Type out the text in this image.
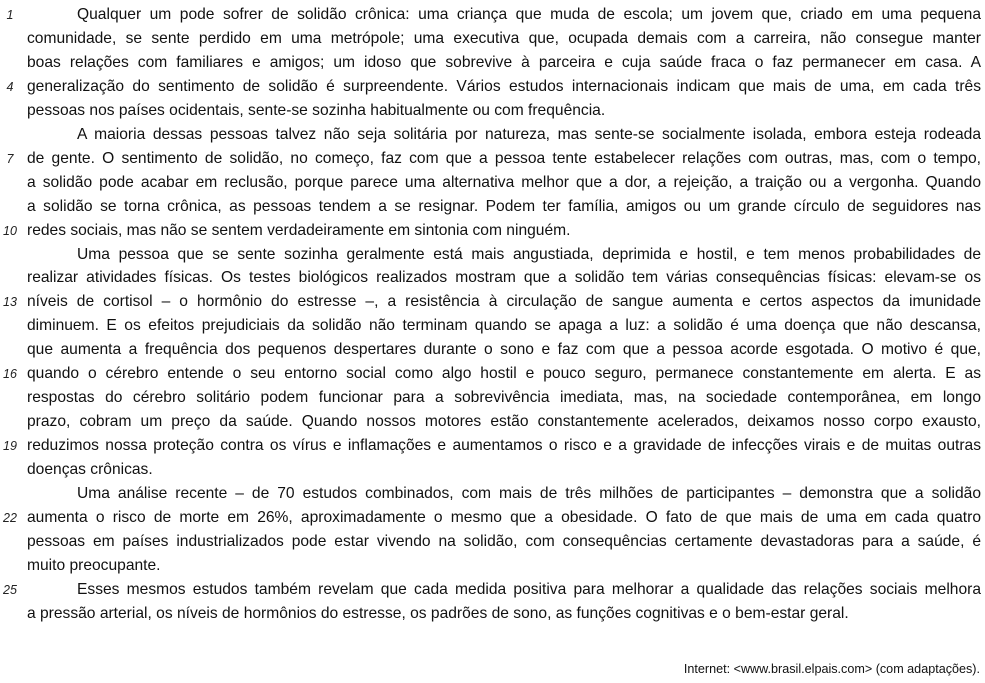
1	Qualquer um pode sofrer de solidão crônica: uma criança que muda de escola; um jovem que, criado em uma pequena
comunidade, se sente perdido em uma metrópole; uma executiva que, ocupada demais com a carreira, não consegue manter
boas relações com familiares e amigos; um idoso que sobrevive à parceira e cuja saúde fraca o faz permanecer em casa. A
4 generalização do sentimento de solidão é surpreendente. Vários estudos internacionais indicam que mais de uma, em cada três
pessoas nos países ocidentais, sente-se sozinha habitualmente ou com frequência.
A maioria dessas pessoas talvez não seja solitária por natureza, mas sente-se socialmente isolada, embora esteja rodeada
7 de gente. O sentimento de solidão, no começo, faz com que a pessoa tente estabelecer relações com outras, mas, com o tempo,
a solidão pode acabar em reclusão, porque parece uma alternativa melhor que a dor, a rejeição, a traição ou a vergonha. Quando
a solidão se torna crônica, as pessoas tendem a se resignar. Podem ter família, amigos ou um grande círculo de seguidores nas
10 redes sociais, mas não se sentem verdadeiramente em sintonia com ninguém.
Uma pessoa que se sente sozinha geralmente está mais angustiada, deprimida e hostil, e tem menos probabilidades de
realizar atividades físicas. Os testes biológicos realizados mostram que a solidão tem várias consequências físicas: elevam-se os
13 níveis de cortisol – o hormônio do estresse –, a resistência à circulação de sangue aumenta e certos aspectos da imunidade
diminuem. E os efeitos prejudiciais da solidão não terminam quando se apaga a luz: a solidão é uma doença que não descansa,
que aumenta a frequência dos pequenos despertares durante o sono e faz com que a pessoa acorde esgotada. O motivo é que,
16 quando o cérebro entende o seu entorno social como algo hostil e pouco seguro, permanece constantemente em alerta. E as
respostas do cérebro solitário podem funcionar para a sobrevivência imediata, mas, na sociedade contemporânea, em longo
prazo, cobram um preço da saúde. Quando nossos motores estão constantemente acelerados, deixamos nosso corpo exausto,
19 reduzimos nossa proteção contra os vírus e inflamações e aumentamos o risco e a gravidade de infecções virais e de muitas outras
doenças crônicas.
Uma análise recente – de 70 estudos combinados, com mais de três milhões de participantes – demonstra que a solidão
22 aumenta o risco de morte em 26%, aproximadamente o mesmo que a obesidade. O fato de que mais de uma em cada quatro
pessoas em países industrializados pode estar vivendo na solidão, com consequências certamente devastadoras para a saúde, é
muito preocupante.
25	Esses mesmos estudos também revelam que cada medida positiva para melhorar a qualidade das relações sociais melhora
a pressão arterial, os níveis de hormônios do estresse, os padrões de sono, as funções cognitivas e o bem-estar geral.
Internet: <www.brasil.elpais.com> (com adaptações).
